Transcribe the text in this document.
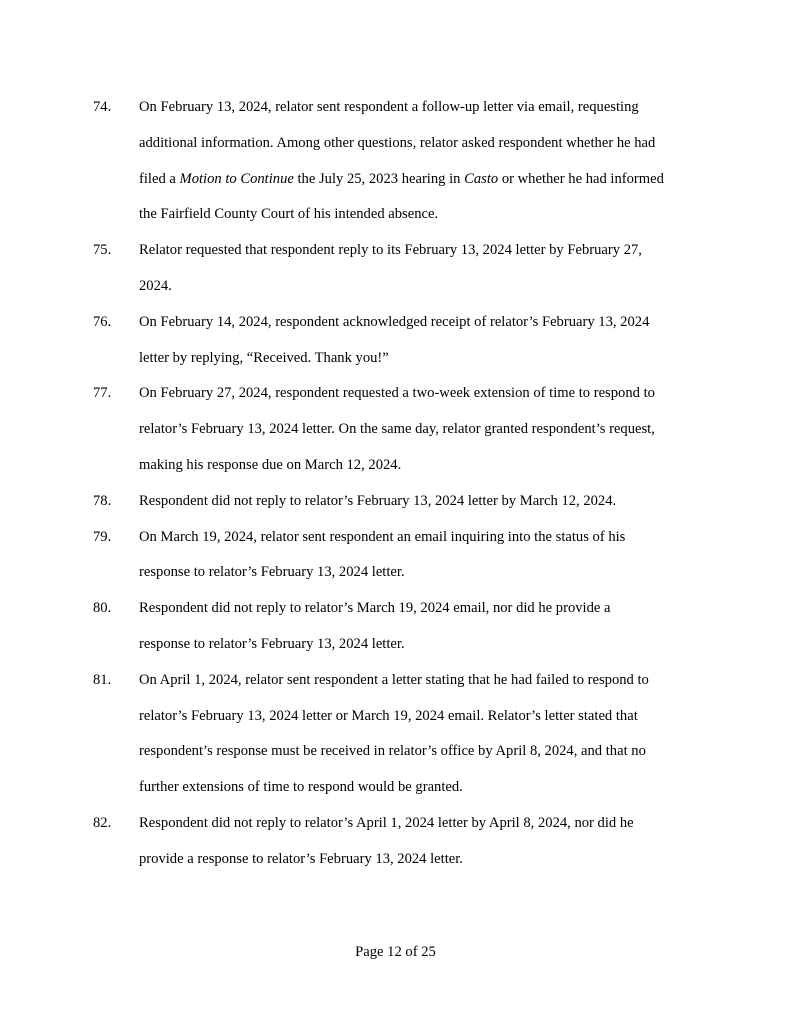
74.	On February 13, 2024, relator sent respondent a follow-up letter via email, requesting
additional information. Among other questions, relator asked respondent whether he had
filed a Motion to Continue the July 25, 2023 hearing in Casto or whether he had informed
the Fairfield County Court of his intended absence.
75.	Relator requested that respondent reply to its February 13, 2024 letter by February 27,
2024.
76.	On February 14, 2024, respondent acknowledged receipt of relator’s February 13, 2024
letter by replying, “Received. Thank you!”
77.	On February 27, 2024, respondent requested a two-week extension of time to respond to
relator’s February 13, 2024 letter. On the same day, relator granted respondent’s request,
making his response due on March 12, 2024.
78.	Respondent did not reply to relator’s February 13, 2024 letter by March 12, 2024.
79.	On March 19, 2024, relator sent respondent an email inquiring into the status of his
response to relator’s February 13, 2024 letter.
80.	Respondent did not reply to relator’s March 19, 2024 email, nor did he provide a
response to relator’s February 13, 2024 letter.
81.	On April 1, 2024, relator sent respondent a letter stating that he had failed to respond to
relator’s February 13, 2024 letter or March 19, 2024 email. Relator’s letter stated that
respondent’s response must be received in relator’s office by April 8, 2024, and that no
further extensions of time to respond would be granted.
82.	Respondent did not reply to relator’s April 1, 2024 letter by April 8, 2024, nor did he
provide a response to relator’s February 13, 2024 letter.
Page 12 of 25
